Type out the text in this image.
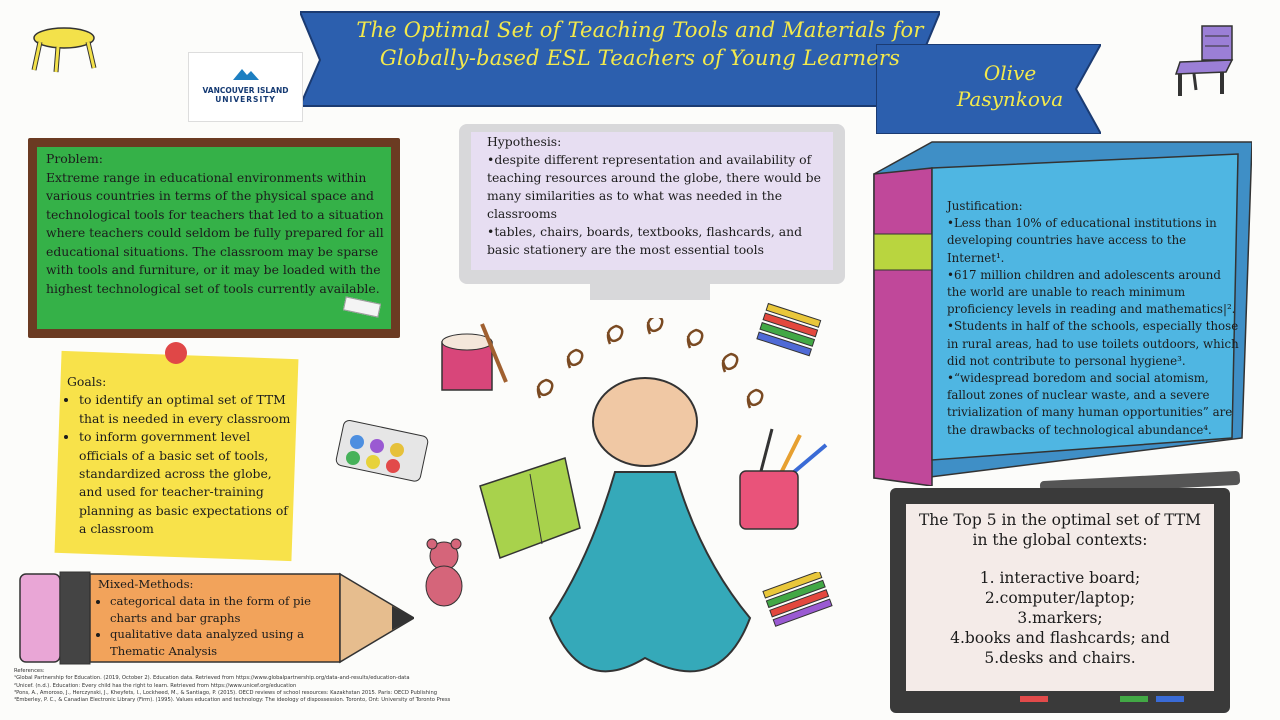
The Optimal Set of Teaching Tools and Materials for
Globally-based ESL Teachers of Young Learners
Olive
Pasynkova
VANCOUVER ISLAND
UNIVERSITY
Problem:
Extreme range in educational environments within various countries in terms of the physical space and technological tools for teachers that led to a situation where teachers could seldom be fully prepared for all educational situations. The classroom may be sparse with tools and furniture, or it may be loaded with the highest technological set of tools currently available.
Hypothesis:
•despite different representation and availability of teaching resources around the globe, there would be many similarities as to what was needed in the classrooms
•tables, chairs, boards, textbooks, flashcards, and basic stationery are the most essential tools
Goals:
• to identify an optimal set of TTM that is needed in every classroom
• to inform government level officials of a basic set of tools, standardized across the globe, and used for teacher-training planning as basic expectations of a classroom
Mixed-Methods:
• categorical data in the form of pie charts and bar graphs
• qualitative data analyzed using a Thematic Analysis
Justification:
•Less than 10% of educational institutions in developing countries have access to the Internet¹.
•617 million children and adolescents around the world are unable to reach minimum proficiency levels in reading and mathematics|².
•Students in half of the schools, especially those in rural areas, had to use toilets outdoors, which did not contribute to personal hygiene³.
•“widespread boredom and social atomism, fallout zones of nuclear waste, and a severe trivialization of many human opportunities” are the drawbacks of technological abundance⁴.
The Top 5 in the optimal set of TTM in the global contexts:
1. interactive board;
2.computer/laptop;
3.markers;
4.books and flashcards; and
5.desks and chairs.
References:
¹Global Partnership for Education. (2019, October 2). Education data. Retrieved from https://www.globalpartnership.org/data-and-results/education-data
²Unicef. (n.d.). Education: Every child has the right to learn. Retrieved from https://www.unicef.org/education
³Pons, A., Amoroso, J., Herczynski, J., Kheyfets, I., Lockheed, M., & Santiago, P. (2015). OECD reviews of school resources: Kazakhstan 2015. Paris: OECD Publishing
⁴Emberley, P. C., & Canadian Electronic Library (Firm). (1995). Values education and technology: The ideology of dispossession. Toronto, Ont: University of Toronto Press
